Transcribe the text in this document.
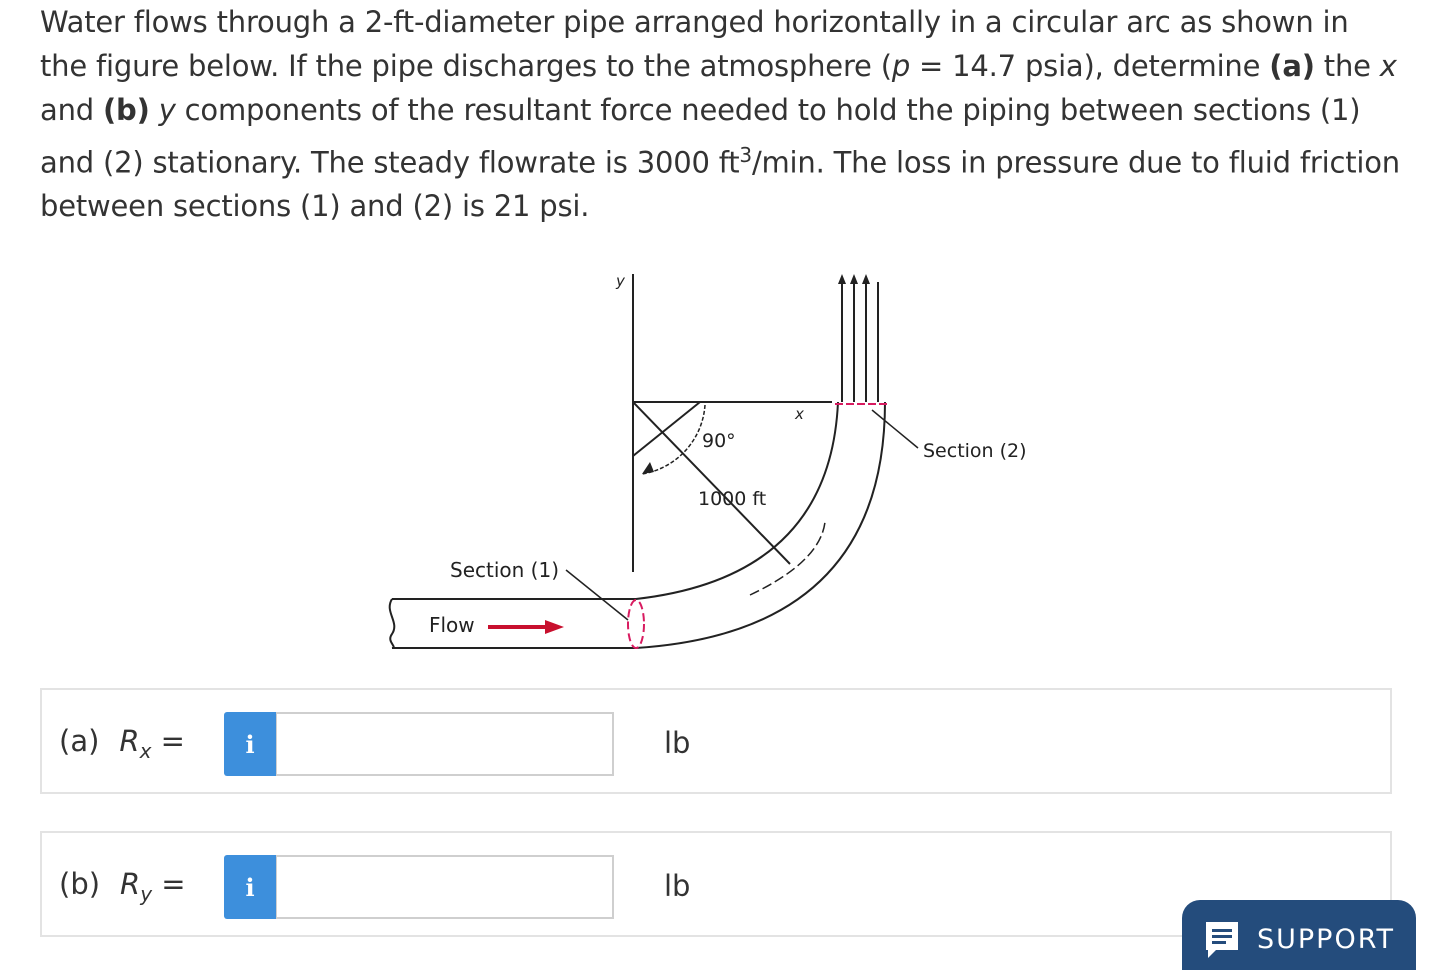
Water flows through a 2-ft-diameter pipe arranged horizontally in a circular arc as shown in the figure below. If the pipe discharges to the atmosphere (p = 14.7 psia), determine (a) the x and (b) y components of the resultant force needed to hold the piping between sections (1) and (2) stationary. The steady flowrate is 3000 $ft^3/\min$. The loss in pressure due to fluid friction between sections (1) and (2) is 21 psi.

y
x
90°
1000 ft
Section (1)
Section (2)
Flow
(a) $R_x$ =	i	lb
(b) $R_y$ =	i	lb
SUPPORT
